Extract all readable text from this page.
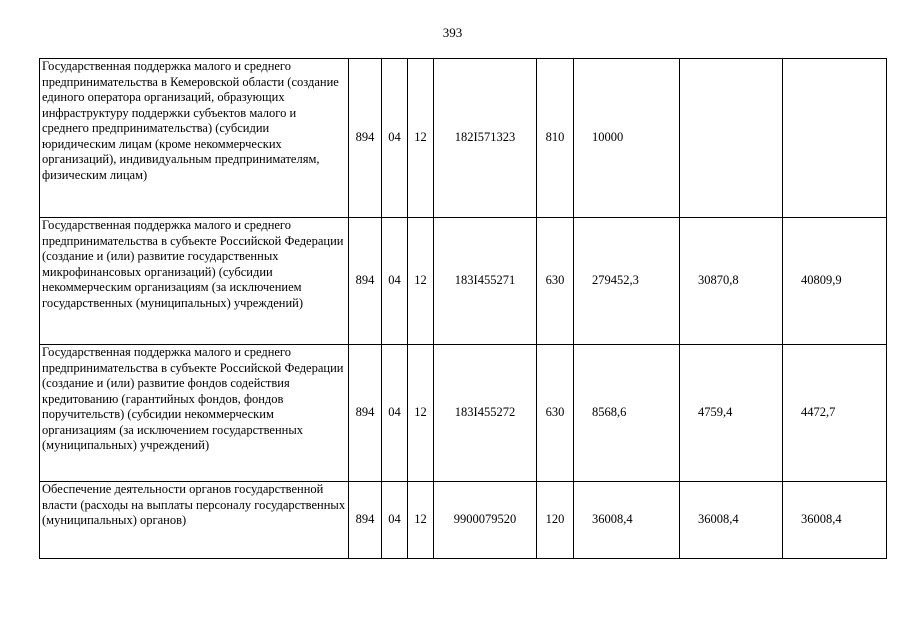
393
Государственная поддержка малого и среднего предпринимательства в Кемеровской области (создание единого оператора организаций, образующих инфраструктуру поддержки субъектов малого и среднего предпринимательства) (субсидии юридическим лицам (кроме некоммерческих организаций), индивидуальным предпринимателям, физическим лицам)	894	04	12	182I571323	810	10000		
Государственная поддержка малого и среднего предпринимательства в субъекте Российской Федерации (создание и (или) развитие государственных микрофинансовых организаций) (субсидии некоммерческим организациям (за исключением государственных (муниципальных) учреждений)	894	04	12	183I455271	630	279452,3	30870,8	40809,9
Государственная поддержка малого и среднего предпринимательства в субъекте Российской Федерации (создание и (или) развитие фондов содействия кредитованию (гарантийных фондов, фондов поручительств) (субсидии некоммерческим организациям (за исключением государственных (муниципальных) учреждений)	894	04	12	183I455272	630	8568,6	4759,4	4472,7
Обеспечение деятельности органов государственной власти (расходы на выплаты персоналу государственных (муниципальных) органов)	894	04	12	9900079520	120	36008,4	36008,4	36008,4
